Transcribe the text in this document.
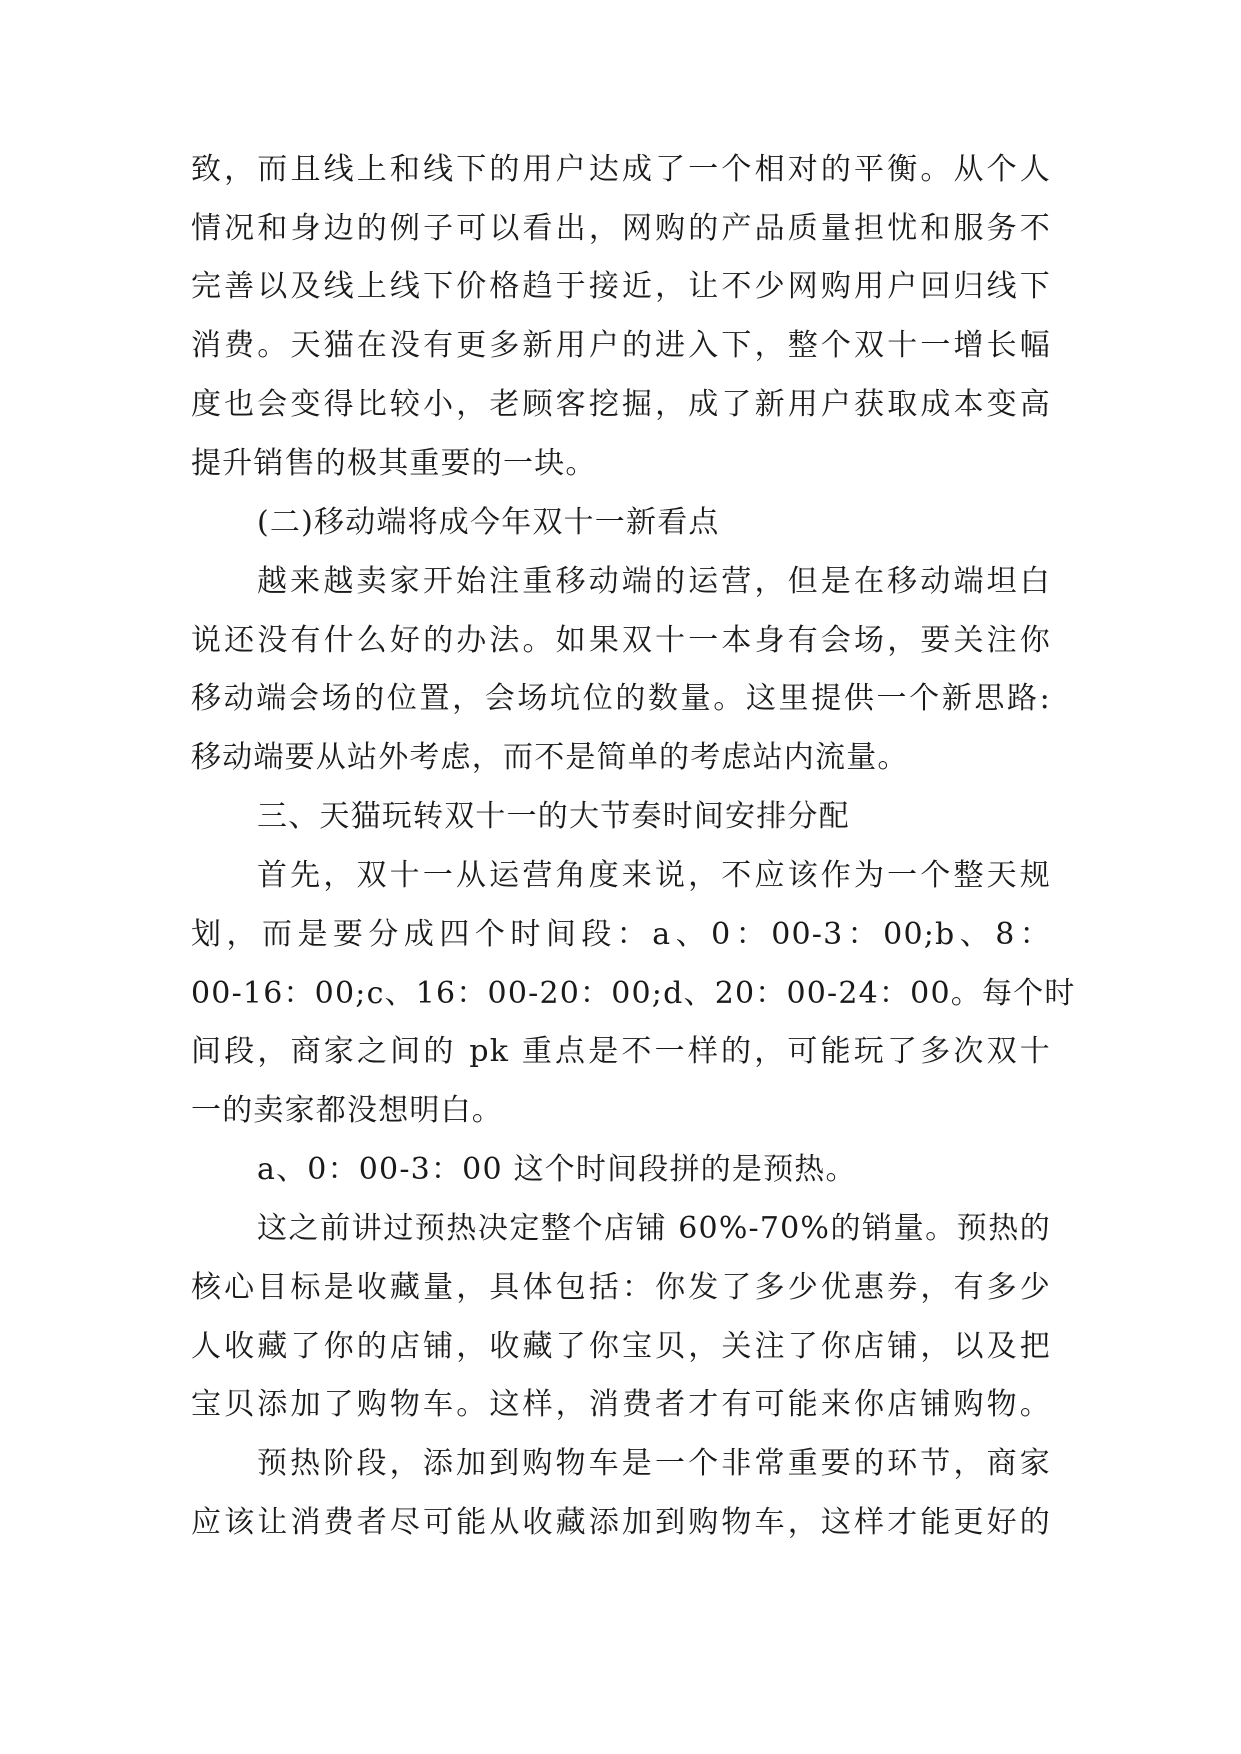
致，而且线上和线下的用户达成了一个相对的平衡。从个人
情况和身边的例子可以看出，网购的产品质量担忧和服务不
完善以及线上线下价格趋于接近，让不少网购用户回归线下
消费。天猫在没有更多新用户的进入下，整个双十一增长幅
度也会变得比较小，老顾客挖掘，成了新用户获取成本变高
提升销售的极其重要的一块。
(二)移动端将成今年双十一新看点
越来越卖家开始注重移动端的运营，但是在移动端坦白
说还没有什么好的办法。如果双十一本身有会场，要关注你
移动端会场的位置，会场坑位的数量。这里提供一个新思路:
移动端要从站外考虑，而不是简单的考虑站内流量。
三、天猫玩转双十一的大节奏时间安排分配
首先，双十一从运营角度来说，不应该作为一个整天规
划，而是要分成四个时间段：a、0：00-3：00;b、8：
00-16：00;c、16：00-20：00;d、20：00-24：00。每个时
间段，商家之间的 pk 重点是不一样的，可能玩了多次双十
一的卖家都没想明白。
a、0：00-3：00 这个时间段拼的是预热。
这之前讲过预热决定整个店铺 60%-70%的销量。预热的
核心目标是收藏量，具体包括：你发了多少优惠券，有多少
人收藏了你的店铺，收藏了你宝贝，关注了你店铺，以及把
宝贝添加了购物车。这样，消费者才有可能来你店铺购物。
预热阶段，添加到购物车是一个非常重要的环节，商家
应该让消费者尽可能从收藏添加到购物车，这样才能更好的
